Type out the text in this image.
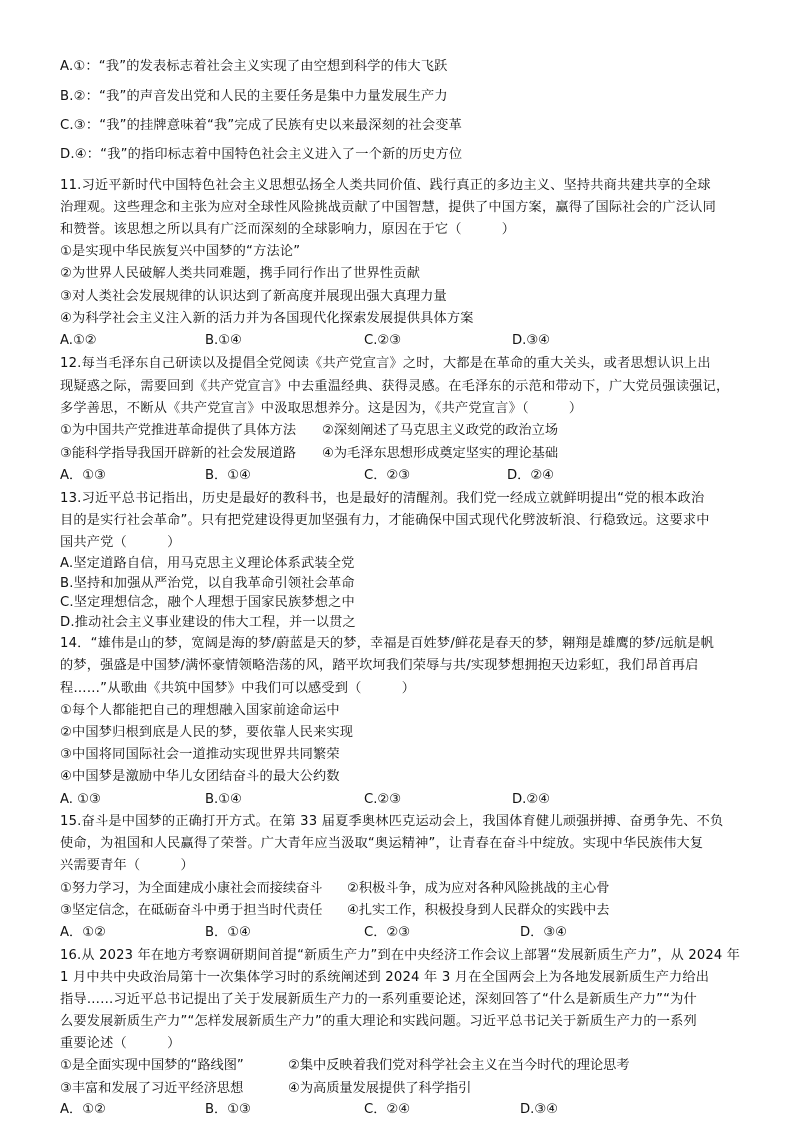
A.①：“我”的发表标志着社会主义实现了由空想到科学的伟大飞跃
B.②：“我”的声音发出党和人民的主要任务是集中力量发展生产力
C.③：“我”的挂牌意味着“我”完成了民族有史以来最深刻的社会变革
D.④：“我”的指印标志着中国特色社会主义进入了一个新的历史方位
11.习近平新时代中国特色社会主义思想弘扬全人类共同价值、践行真正的多边主义、坚持共商共建共享的全球
治理观。这些理念和主张为应对全球性风险挑战贡献了中国智慧，提供了中国方案，赢得了国际社会的广泛认同
和赞誉。该思想之所以具有广泛而深刻的全球影响力，原因在于它（　　　）
①是实现中华民族复兴中国梦的“方法论”
②为世界人民破解人类共同难题，携手同行作出了世界性贡献
③对人类社会发展规律的认识达到了新高度并展现出强大真理力量
④为科学社会主义注入新的活力并为各国现代化探索发展提供具体方案
A.①②	B.①④	C.②③	D.③④
12.每当毛泽东自己研读以及提倡全党阅读《共产党宣言》之时，大都是在革命的重大关头，或者思想认识上出
现疑惑之际，需要回到《共产党宣言》中去重温经典、获得灵感。在毛泽东的示范和带动下，广大党员强读强记，
多学善思，不断从《共产党宣言》中汲取思想养分。这是因为，《共产党宣言》（　　　）
①为中国共产党推进革命提供了具体方法 ②深刻阐述了马克思主义政党的政治立场
③能科学指导我国开辟新的社会发展道路 ④为毛泽东思想形成奠定坚实的理论基础
A．①③	B．①④	C．②③	D．②④
13.习近平总书记指出，历史是最好的教科书，也是最好的清醒剂。我们党一经成立就鲜明提出“党的根本政治
目的是实行社会革命”。只有把党建设得更加坚强有力，才能确保中国式现代化劈波斩浪、行稳致远。这要求中
国共产党（　　　）
A.坚定道路自信，用马克思主义理论体系武装全党
B.坚持和加强从严治党，以自我革命引领社会革命
C.坚定理想信念，融个人理想于国家民族梦想之中
D.推动社会主义事业建设的伟大工程，并一以贯之
14．“雄伟是山的梦，宽阔是海的梦/蔚蓝是天的梦，幸福是百姓梦/鲜花是春天的梦，翱翔是雄鹰的梦/远航是帆
的梦，强盛是中国梦/满怀豪情领略浩荡的风，踏平坎坷我们荣辱与共/实现梦想拥抱天边彩虹，我们昂首再启
程……”从歌曲《共筑中国梦》中我们可以感受到（　　　）
①每个人都能把自己的理想融入国家前途命运中
②中国梦归根到底是人民的梦，要依靠人民来实现
③中国将同国际社会一道推动实现世界共同繁荣
④中国梦是激励中华儿女团结奋斗的最大公约数
A. ①③	B.①④	C.②③	D.②④
15.奋斗是中国梦的正确打开方式。在第 33 届夏季奥林匹克运动会上，我国体育健儿顽强拼搏、奋勇争先、不负
使命，为祖国和人民赢得了荣誉。广大青年应当汲取“奥运精神”，让青春在奋斗中绽放。实现中华民族伟大复
兴需要青年（　　　）
①努力学习，为全面建成小康社会而接续奋斗 ②积极斗争，成为应对各种风险挑战的主心骨
③坚定信念，在砥砺奋斗中勇于担当时代责任 ④扎实工作，积极投身到人民群众的实践中去
A．①②	B．①④	C．②③	D．③④
16.从 2023 年在地方考察调研期间首提“新质生产力”到在中央经济工作会议上部署“发展新质生产力”，从 2024 年
1 月中共中央政治局第十一次集体学习时的系统阐述到 2024 年 3 月在全国两会上为各地发展新质生产力给出
指导……习近平总书记提出了关于发展新质生产力的一系列重要论述，深刻回答了“什么是新质生产力”“为什
么要发展新质生产力”“怎样发展新质生产力”的重大理论和实践问题。习近平总书记关于新质生产力的一系列
重要论述（　　　）
①是全面实现中国梦的“路线图”	②集中反映着我们党对科学社会主义在当今时代的理论思考
③丰富和发展了习近平经济思想	④为高质量发展提供了科学指引
A．①②	B．①③	C．②④	D.③④
